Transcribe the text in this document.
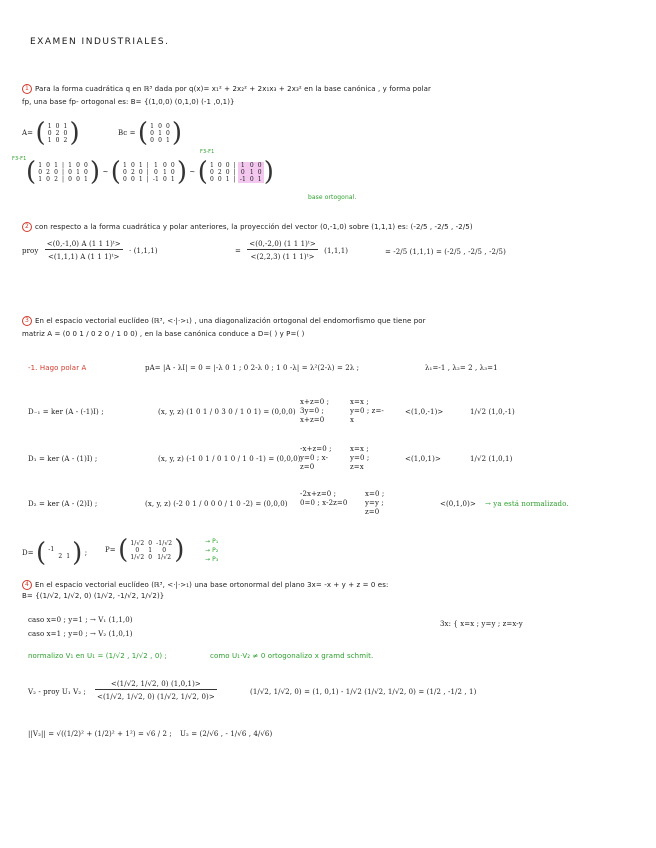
EXAMEN INDUSTRIALES.
1 Para la forma cuadrática q en ℝ³ dada por q(x)= x₁² + 2x₂² + 2x₁x₃ + 2x₃² en la base canónica , y forma polar
fp, una base fp- ortogonal es: B= {(1,0,0) (0,1,0) (-1 ,0,1)}
A= ( 1	0	1
0	2	0
1	0	2 )	Bc = ( 1	0	0
0	1	0
0	0	1 )
F3-F1
F3-F1
( 1	0	1	|	1	0	0
0	2	0	|	0	1	0
1	0	2	|	0	0	1 ) ~ ( 1	0	1	|	1	0	0
0	2	0	|	0	1	0
0	0	1	|	-1	0	1 ) ~ ( 1	0	0	|	1	0	0
0	2	0	|	0	1	0
0	0	1	|	-1	0	1 )
base ortogonal.
2 con respecto a la forma cuadrática y polar anteriores, la proyección del vector (0,-1,0) sobre (1,1,1) es: (-2/5 , -2/5 , -2/5)
proy $\frac{\text{<(0,-1,0) A (1 1 1)ᵗ>}}{\text{<(1,1,1) A (1 1 1)ᵗ>}} \cdot (1,1,1)$	= $\frac{\text{<(0,-2,0) (1 1 1)ᵗ>}}{\text{<(2,2,3) (1 1 1)ᵗ>}} (1,1,1)$	= -2/5 (1,1,1) = (-2/5 , -2/5 , -2/5)
3 En el espacio vectorial euclídeo (ℝ³, <·|·>₁) , una diagonalización ortogonal del endomorfismo que tiene por
matriz A = (0 0 1 / 0 2 0 / 1 0 0) , en la base canónica conduce a D=( ) y P=( )
-1. Hago polar A	pA= |A - λI| = 0 = |-λ 0 1 ; 0 2-λ 0 ; 1 0 -λ| = λ²(2-λ) = 2λ ;	λ₁=-1 , λ₂= 2 , λ₃=1
D₋₁ = ker (A - (-1)I) ;	(x, y, z) (1 0 1 / 0 3 0 / 1 0 1) = (0,0,0)
x+z=0 ; 3y=0 ; x+z=0
x=x ; y=0 ; z=-x
<(1,0,-1)>	1/√2 (1,0,-1)
D₁ = ker (A - (1)I) ;	(x, y, z) (-1 0 1 / 0 1 0 / 1 0 -1) = (0,0,0)
-x+z=0 ; y=0 ; x-z=0
x=x ; y=0 ; z=x
<(1,0,1)>	1/√2 (1,0,1)
D₂ = ker (A - (2)I) ;	(x, y, z) (-2 0 1 / 0 0 0 / 1 0 -2) = (0,0,0)
-2x+z=0 ; 0=0 ; x-2z=0
x=0 ; y=y ; z=0
<(0,1,0)> → ya está normalizado.
D= ( -1		
	2	1 ) ;	P= ( 1/√2	0	-1/√2
0	1	0
1/√2	0	1/√2 )	→ P₁
→ P₂
→ P₃
4 En el espacio vectorial euclídeo (ℝ³, <·|·>₁) una base ortonormal del plano 3x= -x + y + z = 0 es:
B= {(1/√2, 1/√2, 0) (1/√2, -1/√2, 1/√2)}
caso x=0 ; y=1 ; → V₁ (1,1,0)
caso x=1 ; y=0 ; → V₂ (1,0,1)
3x: { x=x ; y=y ; z=x-y
normalizo V₁ en U₁ = (1/√2 , 1/√2 , 0) ;	como U₁·V₂ ≠ 0 ortogonalizo x gramd schmit.
V₂ - proy U₁ V₂ ; $\frac{<(1/√2, 1/√2, 0) (1,0,1)>}{<(1/√2, 1/√2, 0) (1/√2, 1/√2, 0)>}$	(1/√2, 1/√2, 0) = (1, 0,1) - 1/√2 (1/√2, 1/√2, 0) = (1/2 , -1/2 , 1)
||V₂|| = √((1/2)² + (1/2)² + 1²) = √6 / 2 ; U₂ = (2/√6 , - 1/√6 , 4/√6)
